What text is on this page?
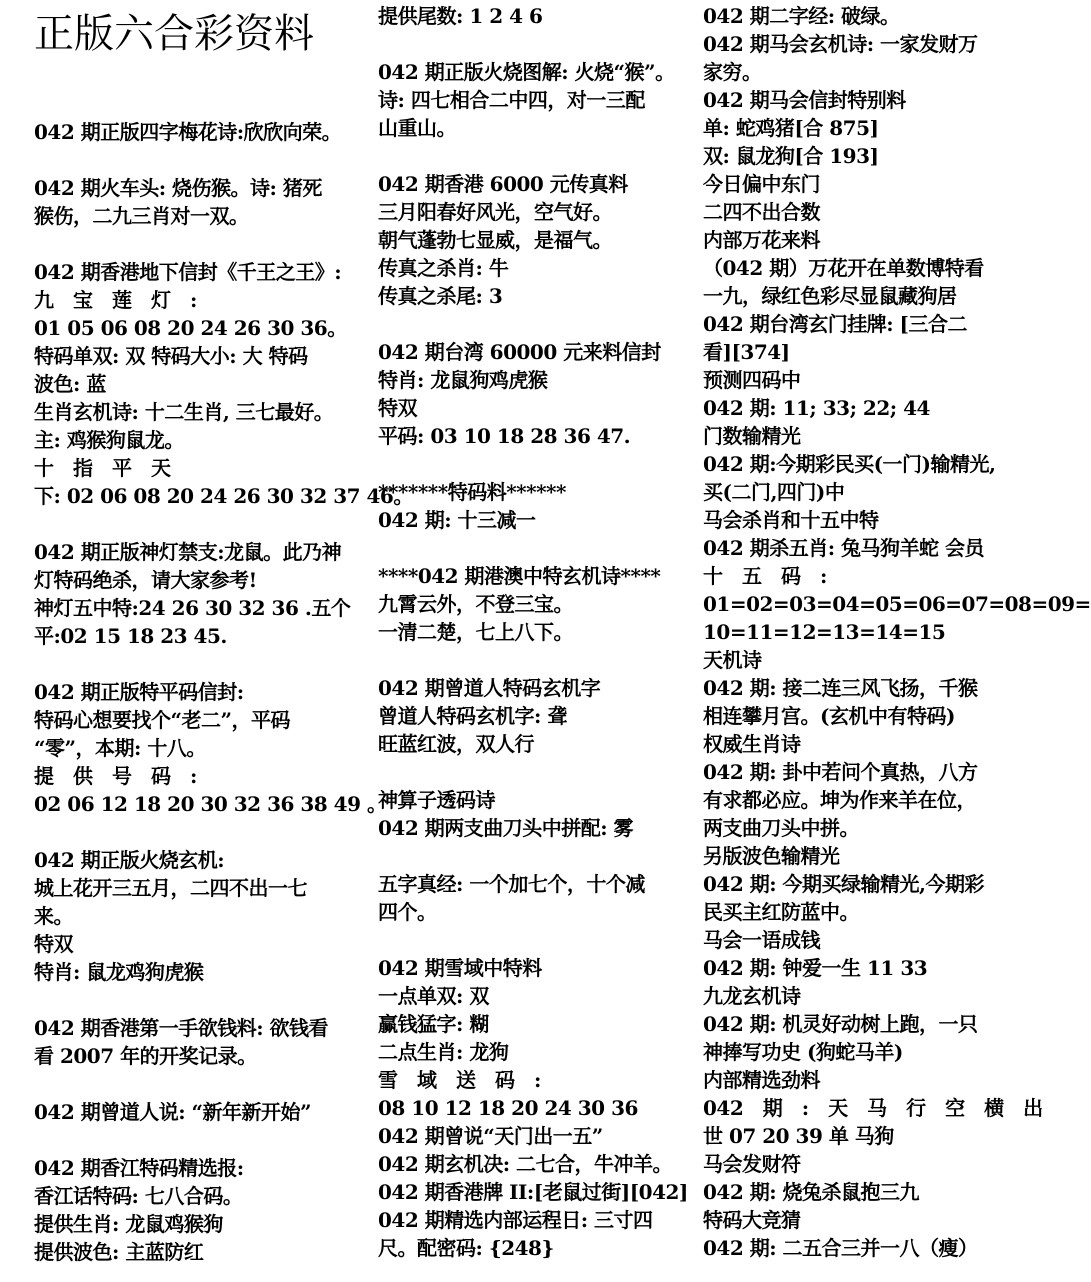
正版六合彩资料
042 期正版四字梅花诗:欣欣向荣。
042 期火车头: 烧伤猴。诗: 猪死
猴伤，二九三肖对一双。
042 期香港地下信封《千王之王》:
九　宝　莲　灯　:
01 05 06 08 20 24 26 30 36。
特码单双: 双 特码大小: 大 特码
波色: 蓝
生肖玄机诗: 十二生肖, 三七最好。
主: 鸡猴狗鼠龙。
十　指　平　天
下: 02 06 08 20 24 26 30 32 37 46。
042 期正版神灯禁支:龙鼠。此乃神
灯特码绝杀，请大家参考!
神灯五中特:24 26 30 32 36 .五个
平:02 15 18 23 45.
042 期正版特平码信封:
特码心想要找个“老二”，平码
“零”，本期: 十八。
提　供　号　码　:
02 06 12 18 20 30 32 36 38 49 。
042 期正版火烧玄机:
城上花开三五月，二四不出一七
来。
特双
特肖: 鼠龙鸡狗虎猴
042 期香港第一手欲钱料: 欲钱看
看 2007 年的开奖记录。
042 期曾道人说: “新年新开始”
042 期香江特码精选报:
香江话特码: 七八合码。
提供生肖: 龙鼠鸡猴狗
提供波色: 主蓝防红
提供尾数: 1 2 4 6
042 期正版火烧图解: 火烧“猴”。
诗: 四七相合二中四，对一三配
山重山。
042 期香港 6000 元传真料
三月阳春好风光，空气好。
朝气蓬勃七显威，是福气。
传真之杀肖: 牛
传真之杀尾: 3
042 期台湾 60000 元来料信封
特肖: 龙鼠狗鸡虎猴
特双
平码: 03 10 18 28 36 47.
*******特码料******
042 期: 十三减一
****042 期港澳中特玄机诗****
九霄云外，不登三宝。
一清二楚，七上八下。
042 期曾道人特码玄机字
曾道人特码玄机字: 聋
旺蓝红波，双人行
神算子透码诗
042 期两支曲刀头中拼配: 雾
五字真经: 一个加七个，十个减
四个。
042 期雪域中特料
一点单双: 双
赢钱猛字: 糊
二点生肖: 龙狗
雪　域　送　码　:
08 10 12 18 20 24 30 36
042 期曾说“天门出一五”
042 期玄机决: 二七合，牛冲羊。
042 期香港牌 II:[老鼠过街][042]
042 期精选内部运程日: 三寸四
尺。配密码: {248}
042 期二字经: 破绿。
042 期马会玄机诗: 一家发财万
家穷。
042 期马会信封特别料
单: 蛇鸡猪[合 875]
双: 鼠龙狗[合 193]
今日偏中东门
二四不出合数
内部万花来料
（042 期）万花开在单数博特看
一九，绿红色彩尽显鼠藏狗居
042 期台湾玄门挂牌: [三合二
看][374]
预测四码中
042 期: 11; 33; 22; 44
门数输精光
042 期:今期彩民买(一门)输精光,
买(二门,四门)中
马会杀肖和十五中特
042 期杀五肖: 兔马狗羊蛇 会员
十　五　码　:
01=02=03=04=05=06=07=08=09=
10=11=12=13=14=15
天机诗
042 期: 接二连三风飞扬，千猴
相连攀月宫。(玄机中有特码)
权威生肖诗
042 期: 卦中若问个真热，八方
有求都必应。坤为作来羊在位，
两支曲刀头中拼。
另版波色输精光
042 期: 今期买绿输精光,今期彩
民买主红防蓝中。
马会一语成钱
042 期: 钟爱一生 11 33
九龙玄机诗
042 期: 机灵好动树上跑，一只
神捧写功史 (狗蛇马羊)
内部精选劲料
042　期　:　天　马　行　空　横　出
世 07 20 39 单 马狗
马会发财符
042 期: 烧兔杀鼠抱三九
特码大竞猜
042 期: 二五合三并一八（瘦）
